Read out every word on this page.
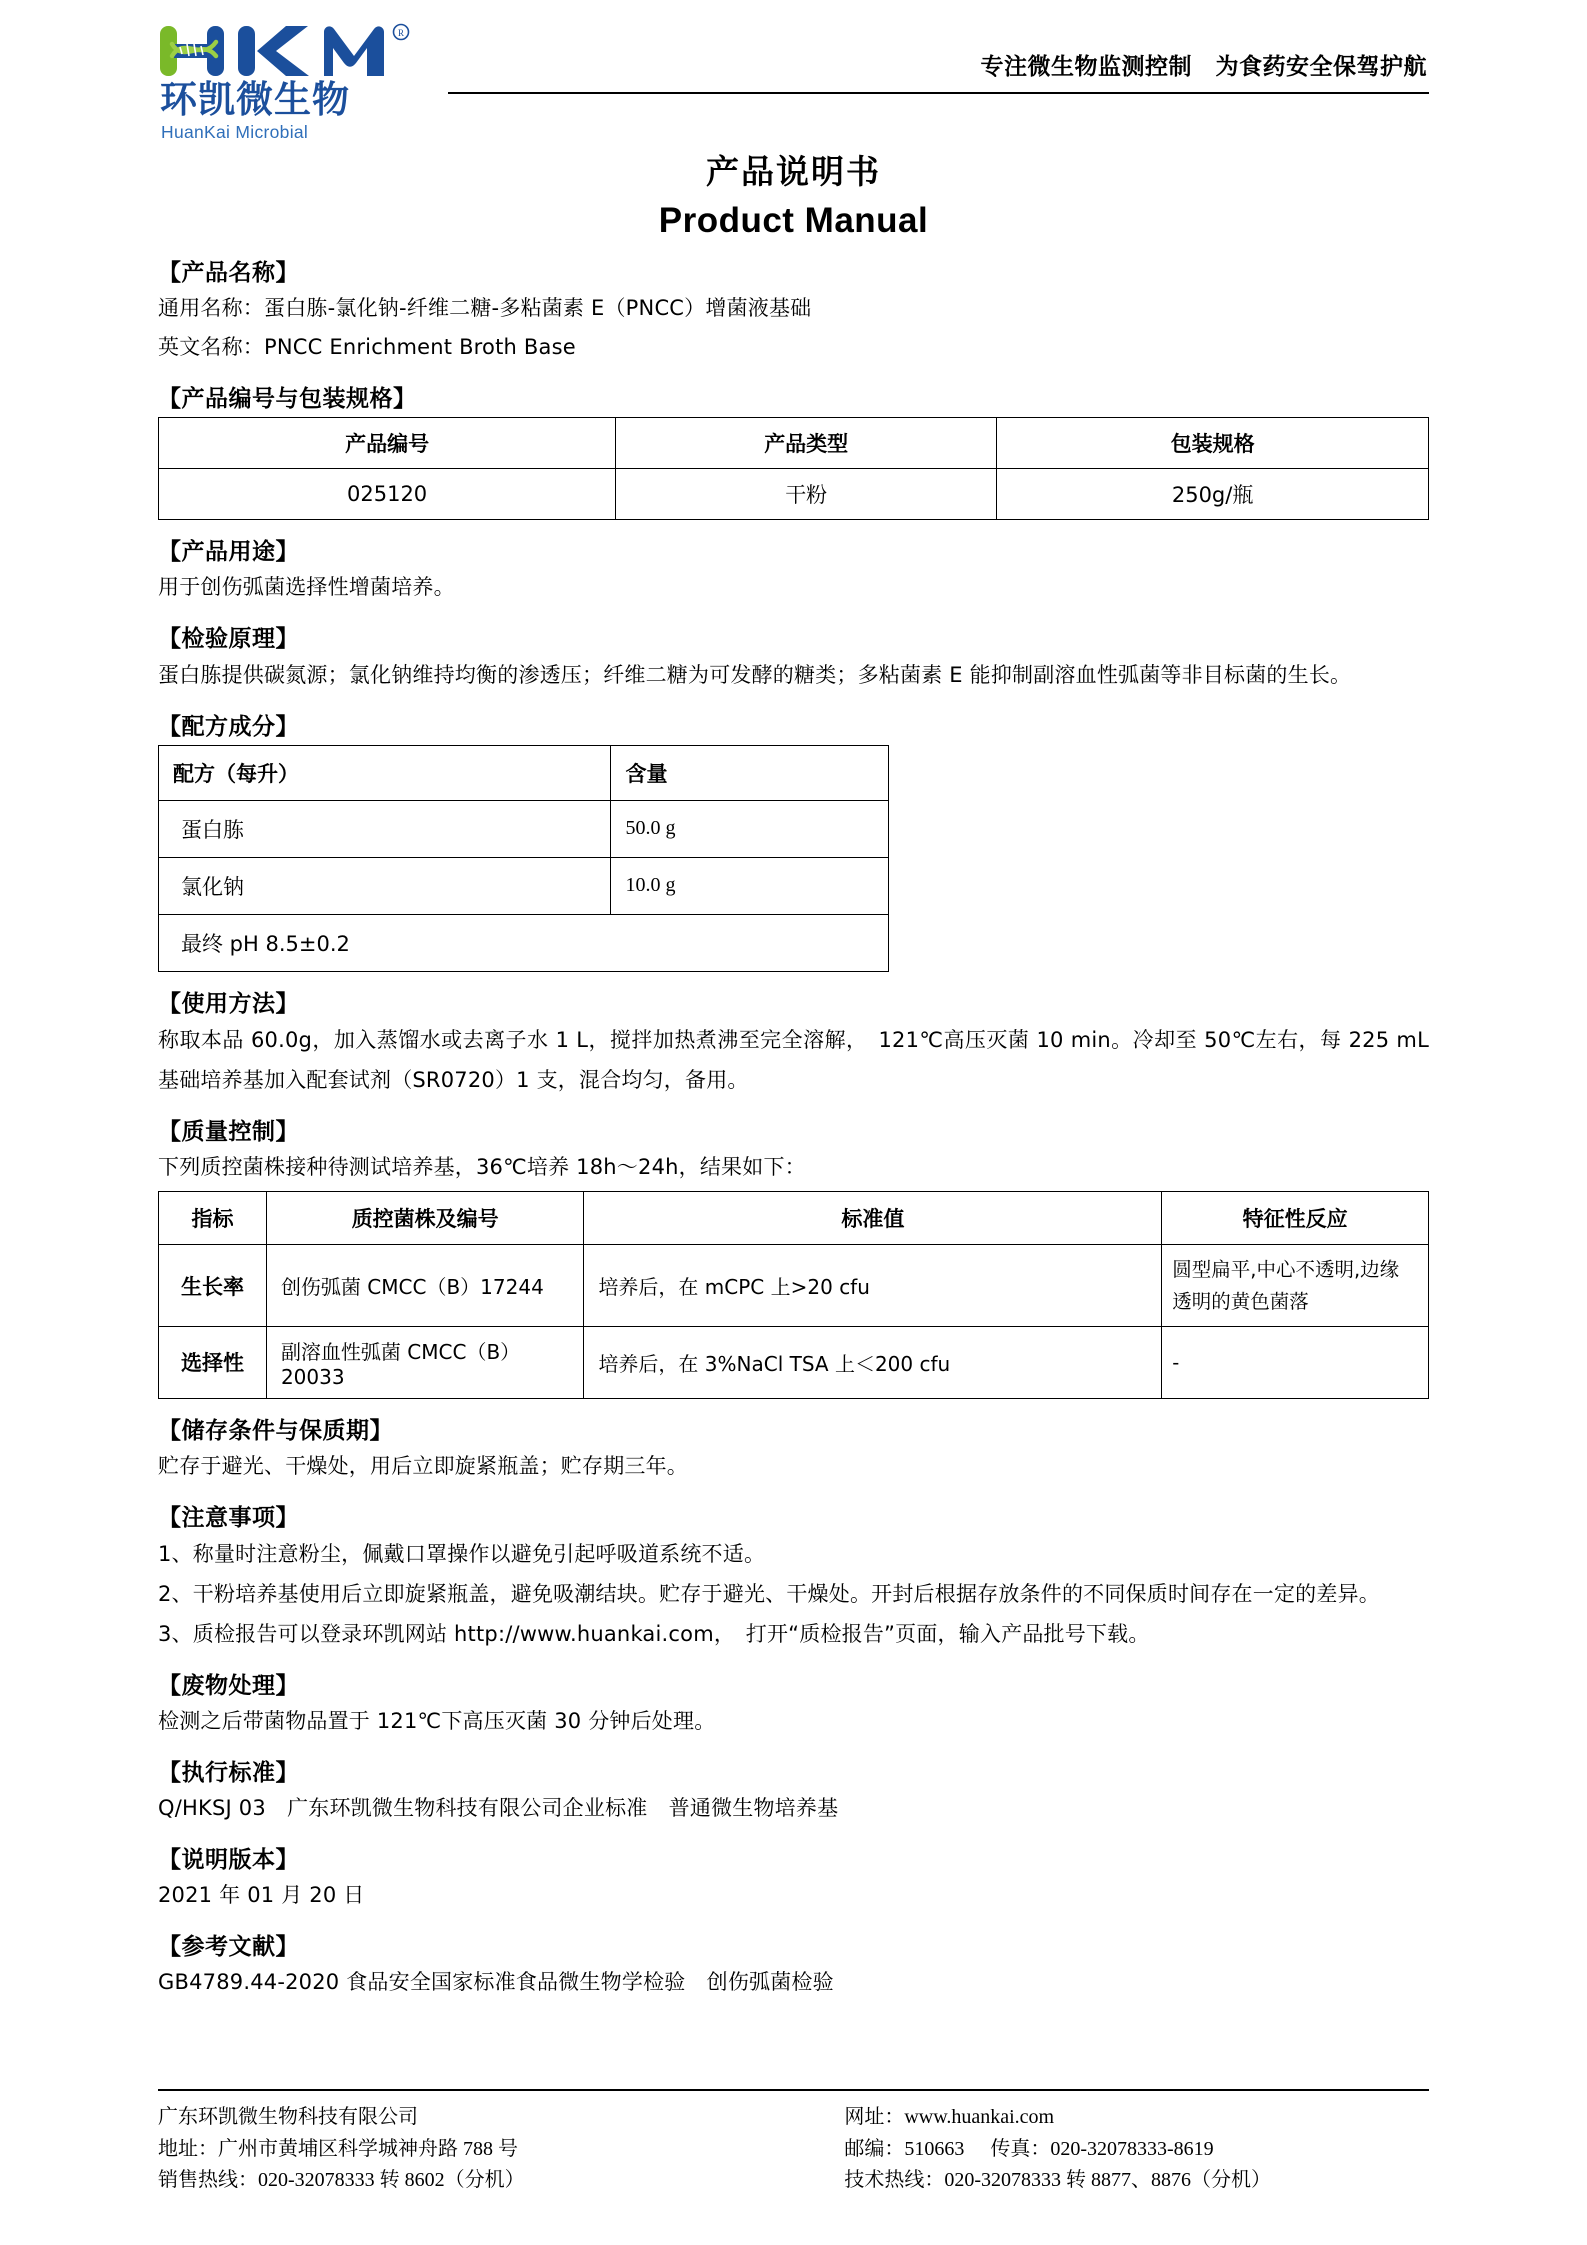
R
环凯微生物
HuanKai Microbial
专注微生物监测控制　为食药安全保驾护航
产品说明书
Product Manual
【产品名称】

通用名称：蛋白胨-氯化钠-纤维二糖-多粘菌素 E（PNCC）增菌液基础

英文名称：PNCC Enrichment Broth Base

【产品编号与包装规格】
产品编号	产品类型	包装规格
025120	干粉	250g/瓶
【产品用途】

用于创伤弧菌选择性增菌培养。

【检验原理】

蛋白胨提供碳氮源；氯化钠维持均衡的渗透压；纤维二糖为可发酵的糖类；多粘菌素 E 能抑制副溶血性弧菌等非目标菌的生长。

【配方成分】
配方（每升）	含量
蛋白胨	50.0 g
氯化钠	10.0 g
最终 pH 8.5±0.2	
【使用方法】

称取本品 60.0g，加入蒸馏水或去离子水 1 L，搅拌加热煮沸至完全溶解，　121℃高压灭菌 10 min。冷却至 50℃左右，每 225 mL 基础培养基加入配套试剂（SR0720）1 支，混合均匀，备用。

【质量控制】

下列质控菌株接种待测试培养基，36℃培养 18h～24h，结果如下：

指标	质控菌株及编号	标准值	特征性反应
生长率	创伤弧菌 CMCC（B）17244	培养后，在 mCPC 上>20 cfu	圆型扁平,中心不透明,边缘透明的黄色菌落
选择性	副溶血性弧菌 CMCC（B）20033	培养后，在 3%NaCl TSA 上＜200 cfu	-
【储存条件与保质期】

贮存于避光、干燥处，用后立即旋紧瓶盖；贮存期三年。

【注意事项】

1、称量时注意粉尘，佩戴口罩操作以避免引起呼吸道系统不适。

2、干粉培养基使用后立即旋紧瓶盖，避免吸潮结块。贮存于避光、干燥处。开封后根据存放条件的不同保质时间存在一定的差异。

3、质检报告可以登录环凯网站 http://www.huankai.com，　打开“质检报告”页面，输入产品批号下载。

【废物处理】

检测之后带菌物品置于 121℃下高压灭菌 30 分钟后处理。

【执行标准】

Q/HKSJ 03　广东环凯微生物科技有限公司企业标准　普通微生物培养基

【说明版本】

2021 年 01 月 20 日

【参考文献】

GB4789.44-2020 食品安全国家标准食品微生物学检验　创伤弧菌检验

广东环凯微生物科技有限公司
地址：广州市黄埔区科学城神舟路 788 号
销售热线：020-32078333 转 8602（分机）
网址：www.huankai.com
邮编：510663 传真：020-32078333-8619
技术热线：020-32078333 转 8877、8876（分机）
